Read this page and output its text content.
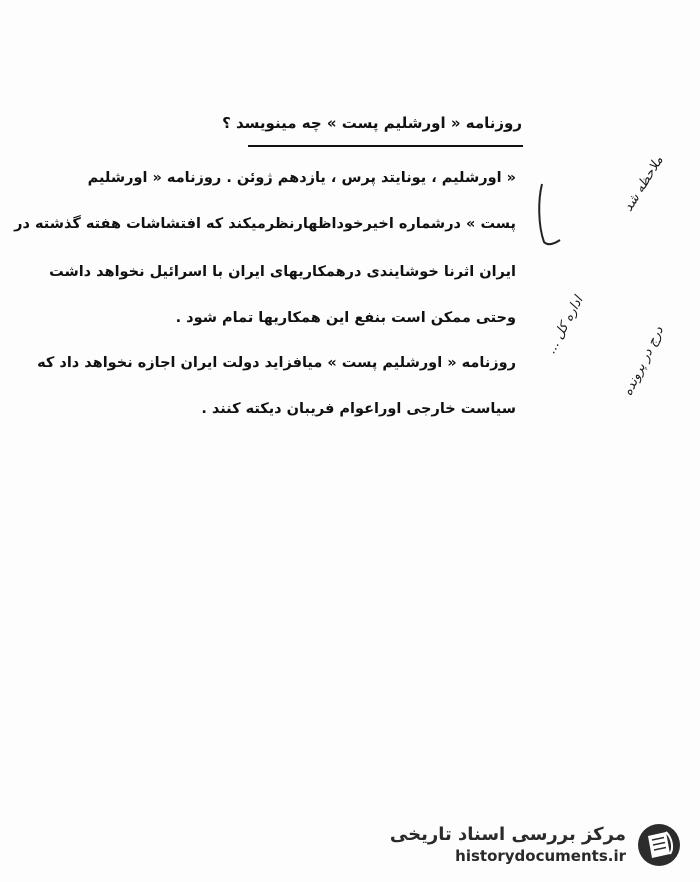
روزنامه « اورشلیم پست » چه مینویسد ؟
« اورشلیم ، یونایتد پرس ، یازدهم ژوئن . روزنامه « اورشلیم
پست » درشماره اخیرخوداظهارنظرمیکند که افتشاشات هفته گذشته در
ایران اثرنا خوشایندی درهمکاریهای ایران با اسرائیل نخواهد داشت
وحتی ممکن است بنفع این همکاریها تمام شود .
روزنامه « اورشلیم پست » میافزاید دولت ایران اجازه نخواهد داد که
سیاست خارجی اوراعوام فریبان دیکته کنند .
ملاحظه شد
اداره کل ...	درج در پرونده
مرکز بررسی اسناد تاریخی
historydocuments.ir
